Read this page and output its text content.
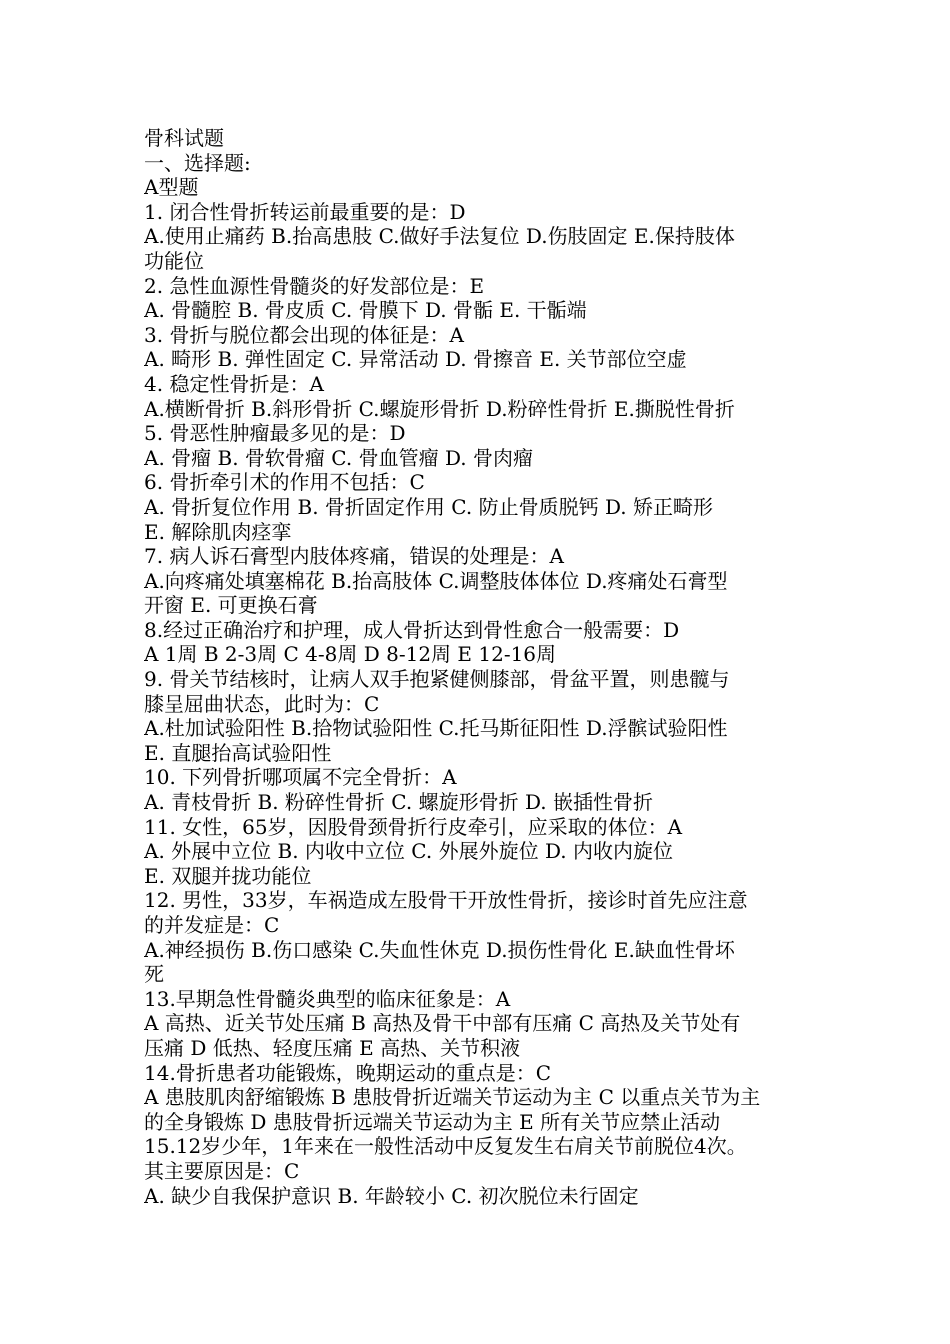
骨科试题
一、选择题:
A型题
1. 闭合性骨折转运前最重要的是：D
A.使用止痛药 B.抬高患肢 C.做好手法复位 D.伤肢固定 E.保持肢体
功能位
2. 急性血源性骨髓炎的好发部位是：E
A. 骨髓腔 B. 骨皮质 C. 骨膜下 D. 骨骺 E. 干骺端
3. 骨折与脱位都会出现的体征是：A
A. 畸形 B. 弹性固定 C. 异常活动 D. 骨擦音 E. 关节部位空虚
4. 稳定性骨折是：A
A.横断骨折 B.斜形骨折 C.螺旋形骨折 D.粉碎性骨折 E.撕脱性骨折
5. 骨恶性肿瘤最多见的是：D
A. 骨瘤 B. 骨软骨瘤 C. 骨血管瘤 D. 骨肉瘤
6. 骨折牵引术的作用不包括：C
A. 骨折复位作用 B. 骨折固定作用 C. 防止骨质脱钙 D. 矫正畸形
E. 解除肌肉痉挛
7. 病人诉石膏型内肢体疼痛，错误的处理是：A
A.向疼痛处填塞棉花 B.抬高肢体 C.调整肢体体位 D.疼痛处石膏型
开窗 E. 可更换石膏
8.经过正确治疗和护理，成人骨折达到骨性愈合一般需要：D
A 1周 B 2-3周 C 4-8周 D 8-12周 E 12-16周
9. 骨关节结核时，让病人双手抱紧健侧膝部，骨盆平置，则患髋与
膝呈屈曲状态，此时为：C
A.杜加试验阳性 B.拾物试验阳性 C.托马斯征阳性 D.浮髌试验阳性
E. 直腿抬高试验阳性
10. 下列骨折哪项属不完全骨折：A
A. 青枝骨折 B. 粉碎性骨折 C. 螺旋形骨折 D. 嵌插性骨折
11. 女性，65岁，因股骨颈骨折行皮牵引，应采取的体位：A
A. 外展中立位 B. 内收中立位 C. 外展外旋位 D. 内收内旋位
E. 双腿并拢功能位
12. 男性，33岁，车祸造成左股骨干开放性骨折，接诊时首先应注意
的并发症是：C
A.神经损伤 B.伤口感染 C.失血性休克 D.损伤性骨化 E.缺血性骨坏
死
13.早期急性骨髓炎典型的临床征象是：A
A 高热、近关节处压痛 B 高热及骨干中部有压痛 C 高热及关节处有
压痛 D 低热、轻度压痛 E 高热、关节积液
14.骨折患者功能锻炼，晚期运动的重点是：C
A 患肢肌肉舒缩锻炼 B 患肢骨折近端关节运动为主 C 以重点关节为主
的全身锻炼 D 患肢骨折远端关节运动为主 E 所有关节应禁止活动
15.12岁少年，1年来在一般性活动中反复发生右肩关节前脱位4次。
其主要原因是：C
A. 缺少自我保护意识 B. 年龄较小 C. 初次脱位未行固定
